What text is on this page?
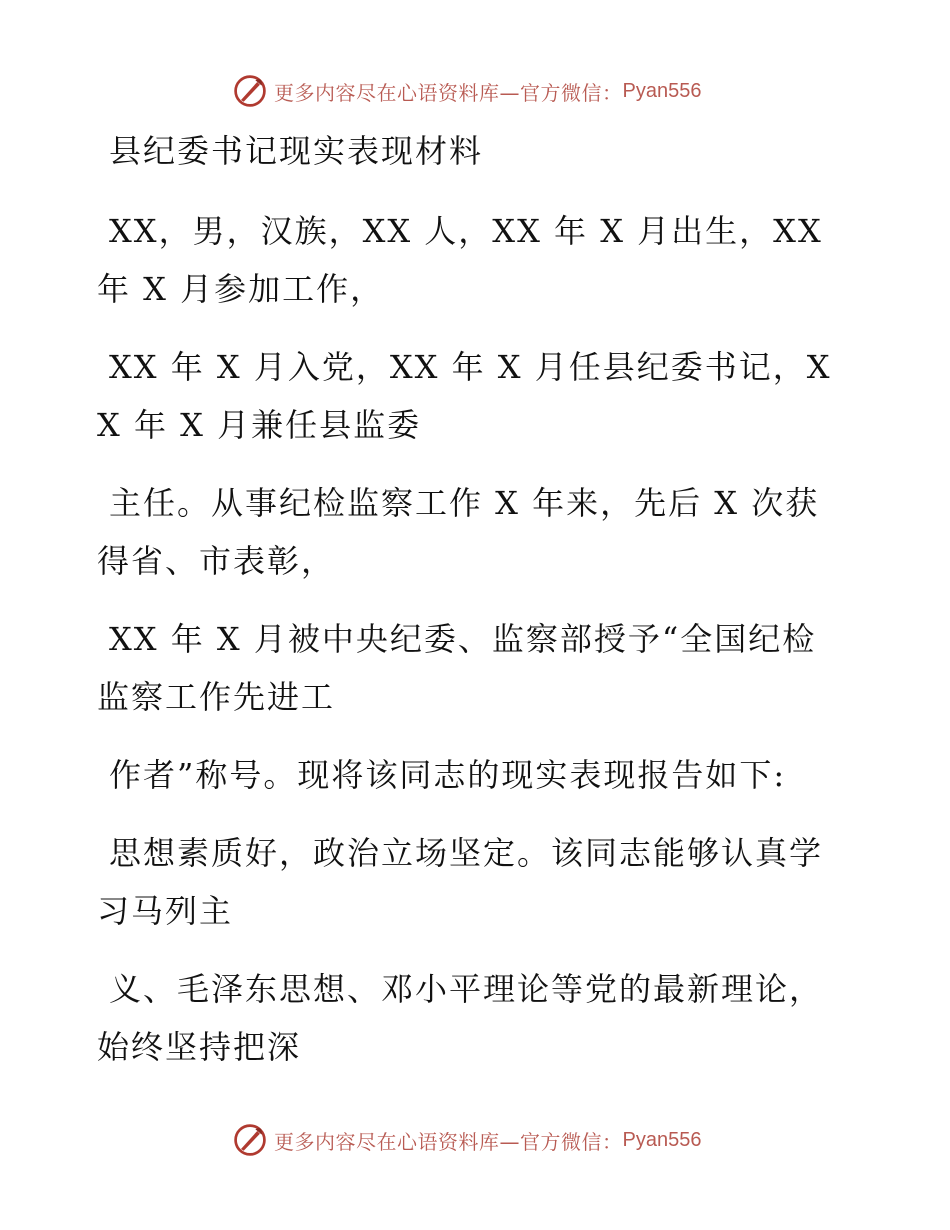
更多内容尽在心语资料库—官方微信： Pyan556

县纪委书记现实表现材料

XX，男，汉族，XX 人，XX 年 X 月出生，XX 年 X 月参加工作，

XX 年 X 月入党，XX 年 X 月任县纪委书记，XX 年 X 月兼任县监委

主任。从事纪检监察工作 X 年来，先后 X 次获得省、市表彰，

XX 年 X 月被中央纪委、监察部授予“全国纪检监察工作先进工

作者”称号。现将该同志的现实表现报告如下:

思想素质好，政治立场坚定。该同志能够认真学习马列主

义、毛泽东思想、邓小平理论等党的最新理论，始终坚持把深

更多内容尽在心语资料库—官方微信： Pyan556
